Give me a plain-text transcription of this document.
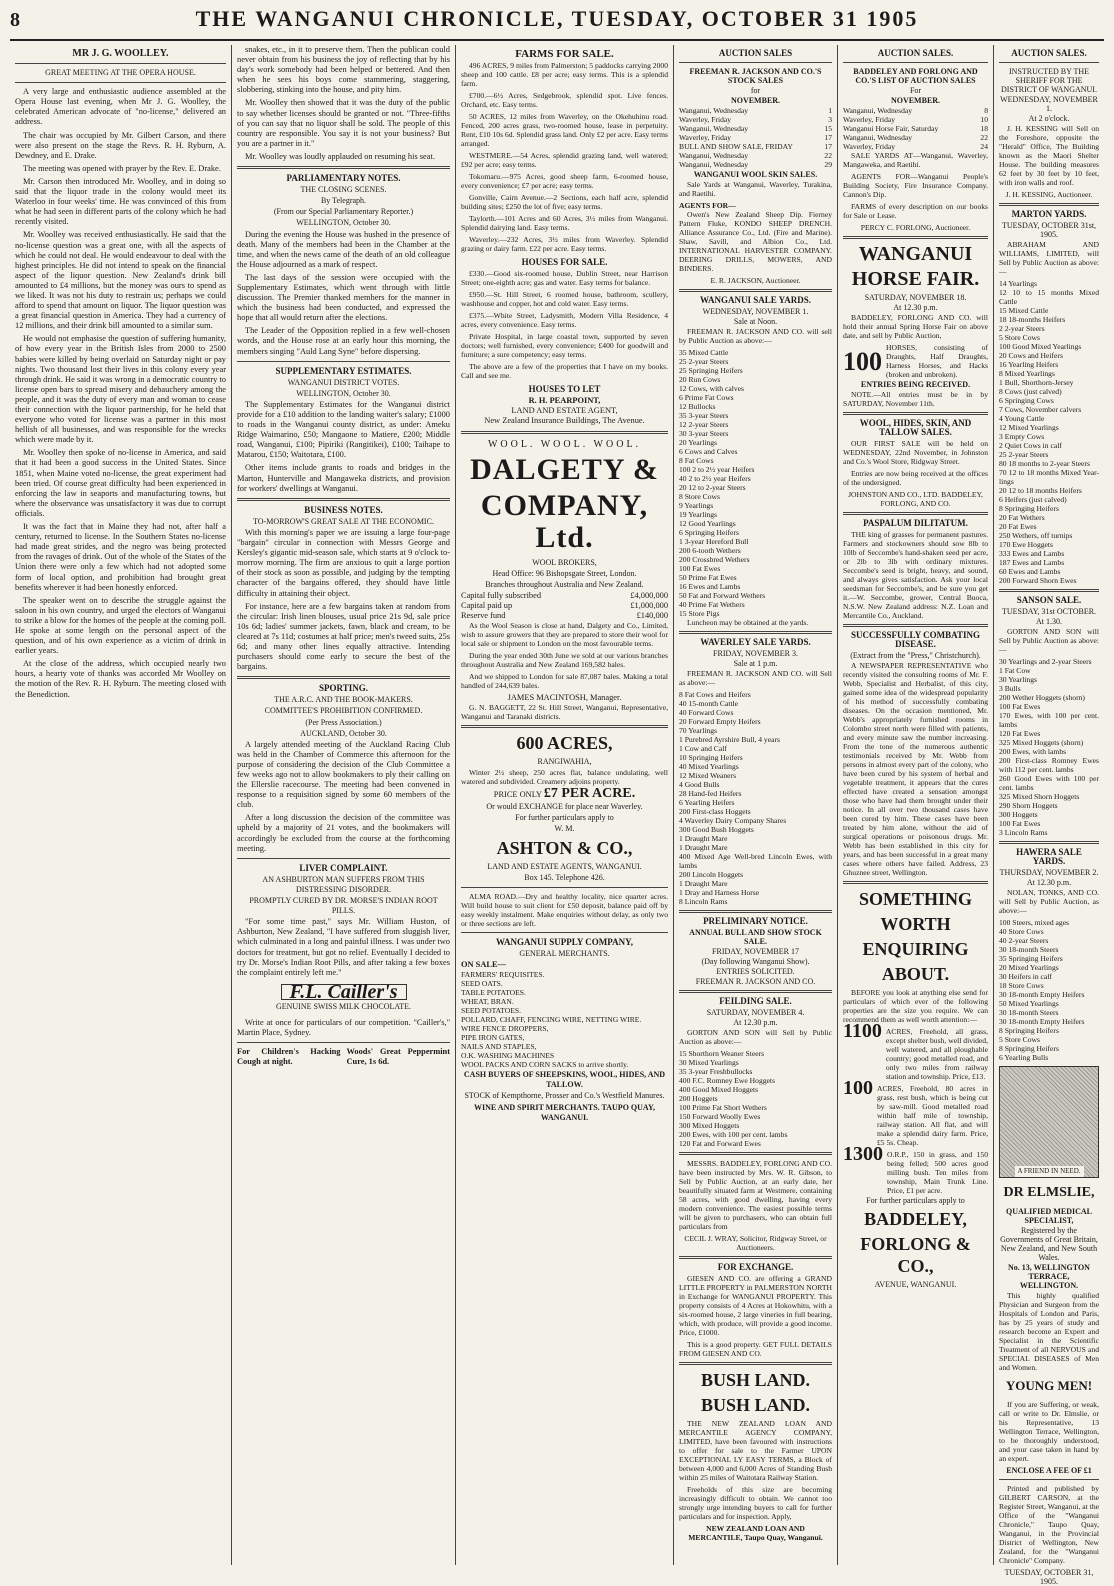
8	THE WANGANUI CHRONICLE, TUESDAY, OCTOBER 31 1905
MR J. G. WOOLLEY.
GREAT MEETING AT THE OPERA HOUSE.

A very large and enthusiastic audience assembled at the Opera House last evening, when Mr J. G. Woolley, the celebrated American advocate of "no-license," delivered an address.

The chair was occupied by Mr. Gilbert Carson, and there were also present on the stage the Revs. R. H. Ryburn, A. Dewdney, and E. Drake.

The meeting was opened with prayer by the Rev. E. Drake.

Mr. Carson then introduced Mr. Woolley, and in doing so said that the liquor trade in the colony would meet its Waterloo in four weeks' time. He was convinced of this from what he had seen in different parts of the colony which he had recently visited.

Mr. Woolley was received enthusiastically. He said that the no-license question was a great one, with all the aspects of which he could not deal. He would endeavour to deal with the highest principles. He did not intend to speak on the financial aspect of the liquor question. New Zealand's drink bill amounted to £4 millions, but the money was ours to spend as we liked. It was not his duty to restrain us; perhaps we could afford to spend that amount on liquor. The liquor question was a great financial question in America. They had a currency of 12 millions, and their drink bill amounted to a similar sum.

He would not emphasise the question of suffering humanity, of how every year in the British Isles from 2000 to 2500 babies were killed by being overlaid on Saturday night or pay nights. Two thousand lost their lives in this colony every year through drink. He said it was wrong in a democratic country to license open bars to spread misery and debauchery among the people, and it was the duty of every man and woman to cease their connection with the liquor partnership, for he held that everyone who voted for license was a partner in this most hellish of all businesses, and was responsible for the wrecks which were made by it.

Mr. Woolley then spoke of no-license in America, and said that it had been a good success in the United States. Since 1851, when Maine voted no-license, the great experiment had been tried. Of course great difficulty had been experienced in enforcing the law in seaports and manufacturing towns, but where the observance was unsatisfactory it was due to corrupt officials.

It was the fact that in Maine they had not, after half a century, returned to license. In the Southern States no-license had made great strides, and the negro was being protected from the ravages of drink. Out of the whole of the States of the Union there were only a few which had not adopted some form of local option, and prohibition had brought great benefits wherever it had been honestly enforced.

The speaker went on to describe the struggle against the saloon in his own country, and urged the electors of Wanganui to strike a blow for the homes of the people at the coming poll. He spoke at some length on the personal aspect of the question, and of his own experience as a victim of drink in earlier years.

At the close of the address, which occupied nearly two hours, a hearty vote of thanks was accorded Mr Woolley on the motion of the Rev. R. H. Ryburn. The meeting closed with the Benediction.

snakes, etc., in it to preserve them. Then the publican could never obtain from his business the joy of reflecting that by his day's work somebody had been helped or bettered. And then when he sees his boys come stammering, staggering, slobbering, stinking into the house, and pity him.

Mr. Woolley then showed that it was the duty of the public to say whether licenses should be granted or not. "Three-fifths of you can say that no liquor shall be sold. The people of this country are responsible. You say it is not your business? But you are a partner in it."

Mr. Woolley was loudly applauded on resuming his seat.

PARLIAMENTARY NOTES.
THE CLOSING SCENES.
By Telegraph.
(From our Special Parliamentary Reporter.)
WELLINGTON, October 30.

During the evening the House was hushed in the presence of death. Many of the members had been in the Chamber at the time, and when the news came of the death of an old colleague the House adjourned as a mark of respect.

The last days of the session were occupied with the Supplementary Estimates, which went through with little discussion. The Premier thanked members for the manner in which the business had been conducted, and expressed the hope that all would return after the elections.

The Leader of the Opposition replied in a few well-chosen words, and the House rose at an early hour this morning, the members singing "Auld Lang Syne" before dispersing.

SUPPLEMENTARY ESTIMATES.
WANGANUI DISTRICT VOTES.
WELLINGTON, October 30.

The Supplementary Estimates for the Wanganui district provide for a £10 addition to the landing waiter's salary; £1000 to roads in the Wanganui county district, as under: Ameku Ridge Waimarino, £50; Mangaone to Matiere, £200; Middle road, Wanganui, £100; Pipiriki (Rangitikei), £100; Taihape to Matarou, £150; Waitotara, £100.

Other items include grants to roads and bridges in the Marton, Hunterville and Mangaweka districts, and provision for workers' dwellings at Wanganui.

BUSINESS NOTES.
TO-MORROW'S GREAT SALE AT THE ECONOMIC.

With this morning's paper we are issuing a large four-page "bargain" circular in connection with Messrs George and Kersley's gigantic mid-season sale, which starts at 9 o'clock to-morrow morning. The firm are anxious to quit a large portion of their stock as soon as possible, and judging by the tempting character of the bargains offered, they should have little difficulty in attaining their object.

For instance, here are a few bargains taken at random from the circular: Irish linen blouses, usual price 21s 9d, sale price 10s 6d; ladies' summer jackets, fawn, black and cream, to be cleared at 7s 11d; costumes at half price; men's tweed suits, 25s 6d; and many other lines equally attractive. Intending purchasers should come early to secure the best of the bargains.

SPORTING.
THE A.R.C. AND THE BOOK-MAKERS.
COMMITTEE'S PROHIBITION CONFIRMED.
(Per Press Association.)
AUCKLAND, October 30.

A largely attended meeting of the Auckland Racing Club was held in the Chamber of Commerce this afternoon for the purpose of considering the decision of the Club Committee a few weeks ago not to allow bookmakers to ply their calling on the Ellerslie racecourse. The meeting had been convened in response to a requisition signed by some 60 members of the club.

After a long discussion the decision of the committee was upheld by a majority of 21 votes, and the bookmakers will accordingly be excluded from the course at the forthcoming meeting.

LIVER COMPLAINT.
AN ASHBURTON MAN SUFFERS FROM THIS DISTRESSING DISORDER.
PROMPTLY CURED BY DR. MORSE'S INDIAN ROOT PILLS.

"For some time past," says Mr. William Huston, of Ashburton, New Zealand, "I have suffered from sluggish liver, which culminated in a long and painful illness. I was under two doctors for treatment, but got no relief. Eventually I decided to try Dr. Morse's Indian Root Pills, and after taking a few boxes the complaint entirely left me."

F.L. Cailler's
GENUINE SWISS MILK CHOCOLATE.

Write at once for particulars of our competition. "Cailler's," Martin Place, Sydney.

For Children's Hacking Cough at night.
Woods' Great Peppermint Cure, 1s 6d.
FARMS FOR SALE.

496 ACRES, 9 miles from Palmerston; 5 paddocks carrying 2000 sheep and 100 cattle. £8 per acre; easy terms. This is a splendid farm.

£700.—6½ Acres, Sedgebrook, splendid spot. Live fences. Orchard, etc. Easy terms.

50 ACRES, 12 miles from Waverley, on the Okehuhinu road. Fenced, 200 acres grass, two-roomed house, lease in perpetuity. Rent, £10 10s 6d. Splendid grass land. Only £2 per acre. Easy terms arranged.

WESTMERE.—54 Acres, splendid grazing land, well watered; £92 per acre; easy terms.

Tokomaru.—975 Acres, good sheep farm, 6-roomed house, every convenience; £7 per acre; easy terms.

Gonville, Cairn Avenue.—2 Sections, each half acre, splendid building sites; £250 the lot of five; easy terms.

Taylorth.—101 Acres and 60 Acres, 3½ miles from Wanganui. Splendid dairying land. Easy terms.

Waverley.—232 Acres, 3½ miles from Waverley. Splendid grazing or dairy farm. £22 per acre. Easy terms.

HOUSES FOR SALE.

£330.—Good six-roomed house, Dublin Street, near Harrison Street; one-eighth acre; gas and water. Easy terms for balance.

£950.—St. Hill Street, 6 roomed house, bathroom, scullery, washhouse and copper, hot and cold water. Easy terms.

£375.—White Street, Ladysmith, Modern Villa Residence, 4 acres, every convenience. Easy terms.

Private Hospital, in large coastal town, supported by seven doctors; well furnished, every convenience; £400 for goodwill and furniture; a sure competency; easy terms.

The above are a few of the properties that I have on my books. Call and see me.

HOUSES TO LET
R. H. PEARPOINT,
LAND AND ESTATE AGENT,
New Zealand Insurance Buildings, The Avenue.
WOOL. WOOL. WOOL.
DALGETY &
COMPANY, Ltd.
WOOL BROKERS,
Head Office: 96 Bishopsgate Street, London.
Branches throughout Australia and New Zealand.
Capital fully subscribed	£4,000,000
Capital paid up	£1,000,000
Reserve fund	£140,000

As the Wool Season is close at hand, Dalgety and Co., Limited, wish to assure growers that they are prepared to store their wool for local sale or shipment to London on the most favourable terms.

During the year ended 30th June we sold at our various branches throughout Australia and New Zealand 169,582 bales.

And we shipped to London for sale 87,087 bales. Making a total handled of 244,639 bales.

JAMES MACINTOSH, Manager.

G. N. BAGGETT, 22 St. Hill Street, Wanganui, Representative, Wanganui and Taranaki districts.

600 ACRES,
RANGIWAHIA,

Winter 2½ sheep, 250 acres flat, balance undulating, well watered and subdivided. Creamery adjoins property.

PRICE ONLY £7 PER ACRE.
Or would EXCHANGE for place near Waverley.
For further particulars apply to
W. M.
ASHTON & CO.,
LAND AND ESTATE AGENTS, WANGANUI.
Box 145. Telephone 426.

ALMA ROAD.—Dry and healthy locality, nice quarter acres. Will build house to suit client for £50 deposit, balance paid off by easy weekly instalment. Make enquiries without delay, as only two or three sections are left.

WANGANUI SUPPLY COMPANY,
GENERAL MERCHANTS.
ON SALE—
FARMERS' REQUISITES.
SEED OATS.
TABLE POTATOES.
WHEAT, BRAN.
SEED POTATOES.
POLLARD, CHAFF, FENCING WIRE, NETTING WIRE.
WIRE FENCE DROPPERS,
PIPE IRON GATES,
NAILS AND STAPLES,
O.K. WASHING MACHINES
WOOL PACKS AND CORN SACKS to arrive shortly.
CASH BUYERS OF SHEEPSKINS, WOOL, HIDES, AND TALLOW.
STOCK of Kempthorne, Prosser and Co.'s Westfield Manures.
WINE AND SPIRIT MERCHANTS. TAUPO QUAY, WANGANUI.
AUCTION SALES
FREEMAN R. JACKSON AND CO.'S STOCK SALES
for
NOVEMBER.
Wanganui, Wednesday	1
Waverley, Friday	3
Wanganui, Wednesday	15
Waverley, Friday	17
BULL AND SHOW SALE, FRIDAY	17
Wanganui, Wednesday	22
Wanganui, Wednesday	29
WANGANUI WOOL SKIN SALES.

Sale Yards at Wanganui, Waverley, Turakina, and Raetihi.

AGENTS FOR—

Owen's New Zealand Sheep Dip. Fierney Pattern Fluke, KONDO SHEEP DRENCH. Alliance Assurance Co., Ltd. (Fire and Marine). Shaw, Savill, and Albion Co., Ltd. INTERNATIONAL HARVESTER COMPANY. DEERING DRILLS, MOWERS, AND BINDERS.

E. R. JACKSON, Auctioneer.
WANGANUI SALE YARDS.
WEDNESDAY, NOVEMBER 1.
Sale at Noon.

FREEMAN R. JACKSON AND CO. will sell by Public Auction as above:—

35 Mixed Cattle
25 2-year Steers
25 Springing Heifers
20 Run Cows
12 Cows, with calves
6 Prime Fat Cows
12 Bullocks
35 3-year Steers
12 2-year Steers
30 3-year Steers
20 Yearlings
6 Cows and Calves
8 Fat Cows
100 2 to 2½ year Heifers
40 2 to 2½ year Heifers
20 12 to 2-year Steers
8 Store Cows
9 Yearlings
19 Yearlings
12 Good Yearlings
6 Springing Heifers
1 3-year Hereford Bull
200 6-tooth Wethers
200 Crossbred Wethers
100 Fat Ewes
50 Prime Fat Ewes
16 Ewes and Lambs
50 Fat and Forward Wethers
40 Prime Fat Wethers
15 Store Pigs

Luncheon may be obtained at the yards.

WAVERLEY SALE YARDS.
FRIDAY, NOVEMBER 3.
Sale at 1 p.m.

FREEMAN R. JACKSON AND CO. will Sell as above:—

8 Fat Cows and Heifers
40 15-month Cattle
40 Forward Cows
20 Forward Empty Heifers
70 Yearlings
1 Purebred Ayrshire Bull, 4 years
1 Cow and Calf
10 Springing Heifers
40 Mixed Yearlings
12 Mixed Weaners
4 Good Bulls
28 Hand-fed Heifers
6 Yearling Heifers
200 First-class Hoggets
4 Waverley Dairy Company Shares
300 Good Bush Hoggets
1 Draught Mare
1 Draught Mare
400 Mixed Age Well-bred Lincoln Ewes, with lambs
200 Lincoln Hoggets
1 Draught Mare
1 Dray and Harness Horse
8 Lincoln Rams
PRELIMINARY NOTICE.
ANNUAL BULL AND SHOW STOCK SALE.
FRIDAY, NOVEMBER 17
(Day following Wanganui Show).
ENTRIES SOLICITED.
FREEMAN R. JACKSON AND CO.
FEILDING SALE.
SATURDAY, NOVEMBER 4.
At 12.30 p.m.

GORTON AND SON will Sell by Public Auction as above:—

15 Shorthorn Weaner Steers
30 Mixed Yearlings
35 3-year Freshbullocks
400 F.C. Romney Ewe Hoggets
400 Good Mixed Hoggets
200 Hoggets
100 Prime Fat Short Wethers
150 Forward Woolly Ewes
300 Mixed Hoggets
200 Ewes, with 100 per cent. lambs
120 Fat and Forward Ewes

MESSRS. BADDELEY, FORLONG AND CO. have been instructed by Mrs. W. R. Gibson, to Sell by Public Auction, at an early date, her beautifully situated farm at Westmere, containing 58 acres, with good dwelling, having every modern convenience. The easiest possible terms will be given to purchasers, who can obtain full particulars from

CECIL J. WRAY, Solicitor, Ridgway Street, or Auctioneers.
FOR EXCHANGE.

GIESEN AND CO. are offering a GRAND LITTLE PROPERTY in PALMERSTON NORTH in Exchange for WANGANUI PROPERTY. This property consists of 4 Acres at Hokowhitu, with a six-roomed house, 2 large vineries in full bearing, which, with produce, will provide a good income. Price, £1000.

This is a good property. GET FULL DETAILS FROM GIESEN AND CO.

BUSH LAND.
BUSH LAND.

THE NEW ZEALAND LOAN AND MERCANTILE AGENCY COMPANY, LIMITED, have been favoured with instructions to offer for sale to the Farmer UPON EXCEPTIONAL LY EASY TERMS, a Block of between 4,000 and 6,000 Acres of Standing Bush within 25 miles of Waitotara Railway Station.

Freeholds of this size are becoming increasingly difficult to obtain. We cannot too strongly urge intending buyers to call for further particulars and for inspection. Apply,

NEW ZEALAND LOAN AND MERCANTILE, Taupo Quay, Wanganui.
AUCTION SALES.
BADDELEY AND FORLONG AND CO.'S LIST OF AUCTION SALES
For
NOVEMBER.
Wanganui, Wednesday	8
Waverley, Friday	10
Wanganui Horse Fair, Saturday	18
Wanganui, Wednesday	22
Waverley, Friday	24

SALE YARDS AT—Wanganui, Waverley, Mangaweka, and Raetihi.

AGENTS FOR—Wanganui People's Building Society, Fire Insurance Company. Cannon's Dip.

FARMS of every description on our books for Sale or Lease.

PERCY C. FORLONG, Auctioneer.
WANGANUI
HORSE FAIR.
SATURDAY, NOVEMBER 18.
At 12.30 p.m.

BADDELEY, FORLONG AND CO. will hold their annual Spring Horse Fair on above date, and sell by Public Auction,

100 HORSES, consisting of Draughts, Half Draughts, Harness Horses, and Hacks (broken and unbroken).
ENTRIES BEING RECEIVED.

NOTE.—All entries must be in by SATURDAY, November 11th.

WOOL, HIDES, SKIN, AND TALLOW SALES.

OUR FIRST SALE will be held on WEDNESDAY, 22nd November, in Johnston and Co.'s Wool Store, Ridgway Street.

Entries are now being received at the offices of the undersigned.

JOHNSTON AND CO., LTD. BADDELEY, FORLONG, AND CO.
PASPALUM DILITATUM.

THE king of grasses for permanent pastures. Farmers and stockowners should sow 8lb to 10lb of Seccombe's hand-shaken seed per acre, or 2lb to 3lb with ordinary mixtures. Seccombe's seed is bright, heavy, and sound, and always gives satisfaction. Ask your local seedsman for Seccombe's, and be sure you get it.—W. Seccombe, grower, Central Buoca, N.S.W. New Zealand address: N.Z. Loan and Mercantile Co., Auckland.

SUCCESSFULLY COMBATING DISEASE.
(Extract from the "Press," Christchurch).

A NEWSPAPER REPRESENTATIVE who recently visited the consulting rooms of Mr. F. Webb, Specialist and Herbalist, of this city, gained some idea of the widespread popularity of his method of successfully combating diseases. On the occasion mentioned, Mr. Webb's appropriately furnished rooms in Colombo street north were filled with patients, and every minute saw the number increasing. From the tone of the numerous authentic testimonials received by Mr. Webb from persons in almost every part of the colony, who have been cured by his system of herbal and vegetable treatment, it appears that the cures effected have created a sensation amongst those who have had them brought under their notice. In all over two thousand cases have been cured by him. These cases have been treated by him alone, without the aid of surgical operations or poisonous drugs. Mr. Webb has been established in this city for years, and has been successful in a great many cases where others have failed. Address, 23 Ghuznee street, Wellington.

SOMETHING
WORTH
ENQUIRING
ABOUT.

BEFORE you look at anything else send for particulars of which ever of the following properties are the size you require. We can recommend them as well worth attention:—

1100 ACRES, Freehold, all grass, except shelter bush, well divided, well watered, and all ploughable country; good metalled road, and only two miles from railway station and township. Price, £13.
100 ACRES, Freehold, 80 acres in grass, rest bush, which is being cut by saw-mill. Good metalled road within half mile of township, railway station. All flat, and will make a splendid dairy farm. Price, £5 5s. Cheap.
1300 O.R.P., 150 in grass, and 150 being felled; 500 acres good milling bush. Ten miles from township, Main Trunk Line. Price, £1 per acre.
For further particulars apply to
BADDELEY,
FORLONG & CO.,
AVENUE, WANGANUI.
AUCTION SALES.
INSTRUCTED BY THE SHERIFF FOR THE DISTRICT OF WANGANUI.
WEDNESDAY, NOVEMBER 1.
At 2 o'clock.

J. H. KESSING will Sell on the Foreshore, opposite the "Herald" Office, The Building known as the Maori Shelter House. The building measures 62 feet by 30 feet by 10 feet, with iron walls and roof.

J. H. KESSING, Auctioneer.
MARTON YARDS.
TUESDAY, OCTOBER 31st, 1905.

ABRAHAM AND WILLIAMS, LIMITED, will Sell by Public Auction as above:—

14 Yearlings
12 10 to 15 months Mixed Cattle
15 Mixed Cattle
18 18-months Heifers
2 2-year Steers
5 Store Cows
100 Good Mixed Yearlings
20 Cows and Heifers
16 Yearling Heifers
8 Mixed Yearlings
1 Bull, Shorthorn-Jersey
8 Cows (just calved)
6 Springing Cows
7 Cows, November calvers
4 Young Cattle
12 Mixed Yearlings
3 Empty Cows
2 Quiet Cows in calf
25 2-year Steers
80 18 months to 2-year Steers
70 12 to 18 months Mixed Year-lings
20 12 to 18 months Heifers
6 Heifers (just calved)
8 Springing Heifers
20 Fat Wethers
20 Fat Ewes
250 Wethers, off turnips
170 Ewe Hoggets
333 Ewes and Lambs
187 Ewes and Lambs
60 Ewes and Lambs
200 Forward Shorn Ewes
SANSON SALE.
TUESDAY, 31st OCTOBER.
At 1.30.

GORTON AND SON will Sell by Public Auction as above:—

30 Yearlings and 2-year Steers
1 Fat Cow
30 Yearlings
3 Bulls
200 Wether Hoggets (shorn)
100 Fat Ewes
170 Ewes, with 100 per cent. lambs
120 Fat Ewes
325 Mixed Hoggets (shorn)
200 Ewes, with lambs
200 First-class Romney Ewes with 112 per cent. lambs
260 Good Ewes with 100 per cent. lambs
325 Mixed Shorn Hoggets
290 Shorn Hoggets
300 Hoggets
100 Fat Ewes
3 Lincoln Rams
HAWERA SALE YARDS.
THURSDAY, NOVEMBER 2.
At 12.30 p.m.

NOLAN, TONKS, AND CO. will Sell by Public Auction, as above:—

100 Steers, mixed ages
40 Store Cows
40 2-year Steers
30 18-month Steers
35 Springing Heifers
20 Mixed Yearlings
30 Heifers in calf
18 Store Cows
30 18-month Empty Heifers
50 Mixed Yearlings
30 18-month Steers
30 18-month Empty Heifers
8 Springing Heifers
5 Store Cows
8 Springing Heifers
6 Yearling Bulls
A FRIEND IN NEED.
DR ELMSLIE,
QUALIFIED MEDICAL SPECIALIST,
Registered by the Governments of Great Britain, New Zealand, and New South Wales.
No. 13, WELLINGTON TERRACE, WELLINGTON.

This highly qualified Physician and Surgeon from the Hospitals of London and Paris, has by 25 years of study and research become an Expert and Specialist in the Scientific Treatment of all NERVOUS and SPECIAL DISEASES of Men and Women.

YOUNG MEN!

If you are Suffering, or weak, call or write to Dr. Elmslie, or his Representative, 13 Wellington Terrace, Wellington, to be thoroughly understood, and your case taken in hand by an expert.

ENCLOSE A FEE OF £1

Printed and published by GILBERT CARSON, at the Register Street, Wanganui, at the Office of the "Wanganui Chronicle," Taupo Quay, Wanganui, in the Provincial District of Wellington, New Zealand, for the "Wanganui Chronicle" Company.

TUESDAY, OCTOBER 31, 1905.
